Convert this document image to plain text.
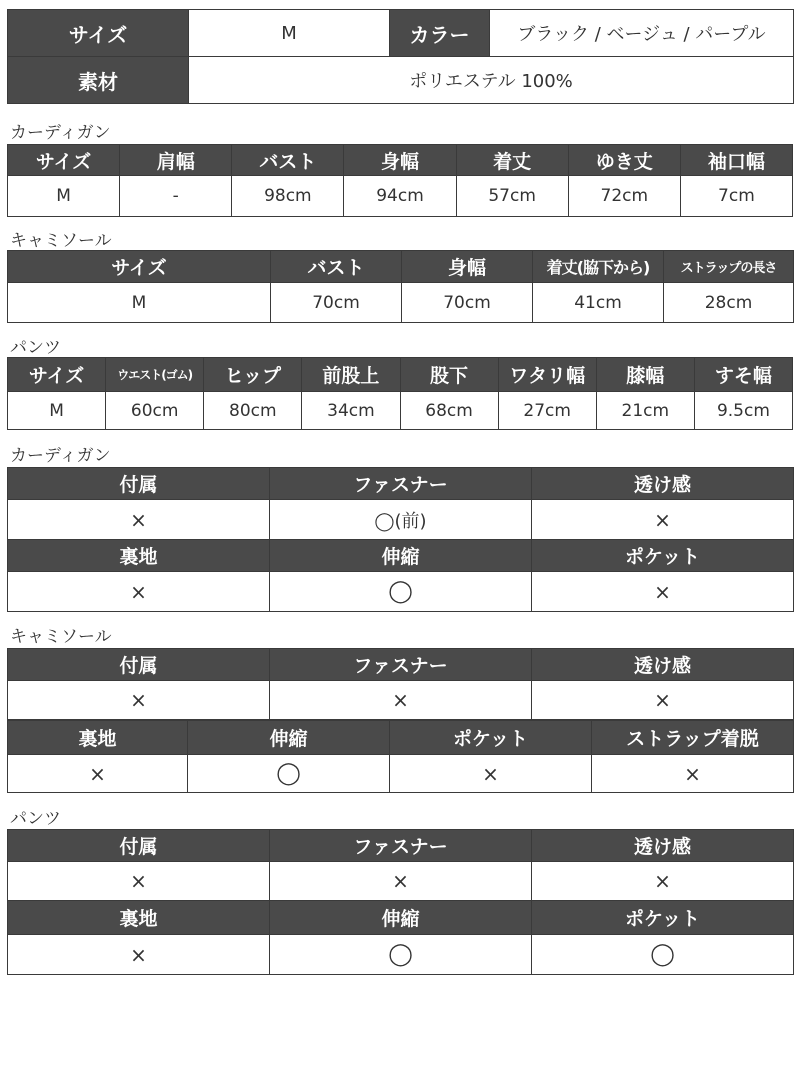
サイズ	M	カラー	ブラック / ベージュ / パープル
素材	ポリエステル 100%		
カーディガン
サイズ	肩幅	バスト	身幅	着丈	ゆき丈	袖口幅
M	-	98cm	94cm	57cm	72cm	7cm
キャミソール
サイズ	バスト	身幅	着丈(脇下から)	ストラップの長さ
M	70cm	70cm	41cm	28cm
パンツ
サイズ	ウエスト(ゴム)	ヒップ	前股上	股下	ワタリ幅	膝幅	すそ幅
M	60cm	80cm	34cm	68cm	27cm	21cm	9.5cm
カーディガン
付属	ファスナー	透け感
×	◯(前)	×
裏地	伸縮	ポケット
×	◯	×
キャミソール
付属	ファスナー	透け感
×	×	×
裏地	伸縮	ポケット	ストラップ着脱
×	◯	×	×
パンツ
付属	ファスナー	透け感
×	×	×
裏地	伸縮	ポケット
×	◯	◯
